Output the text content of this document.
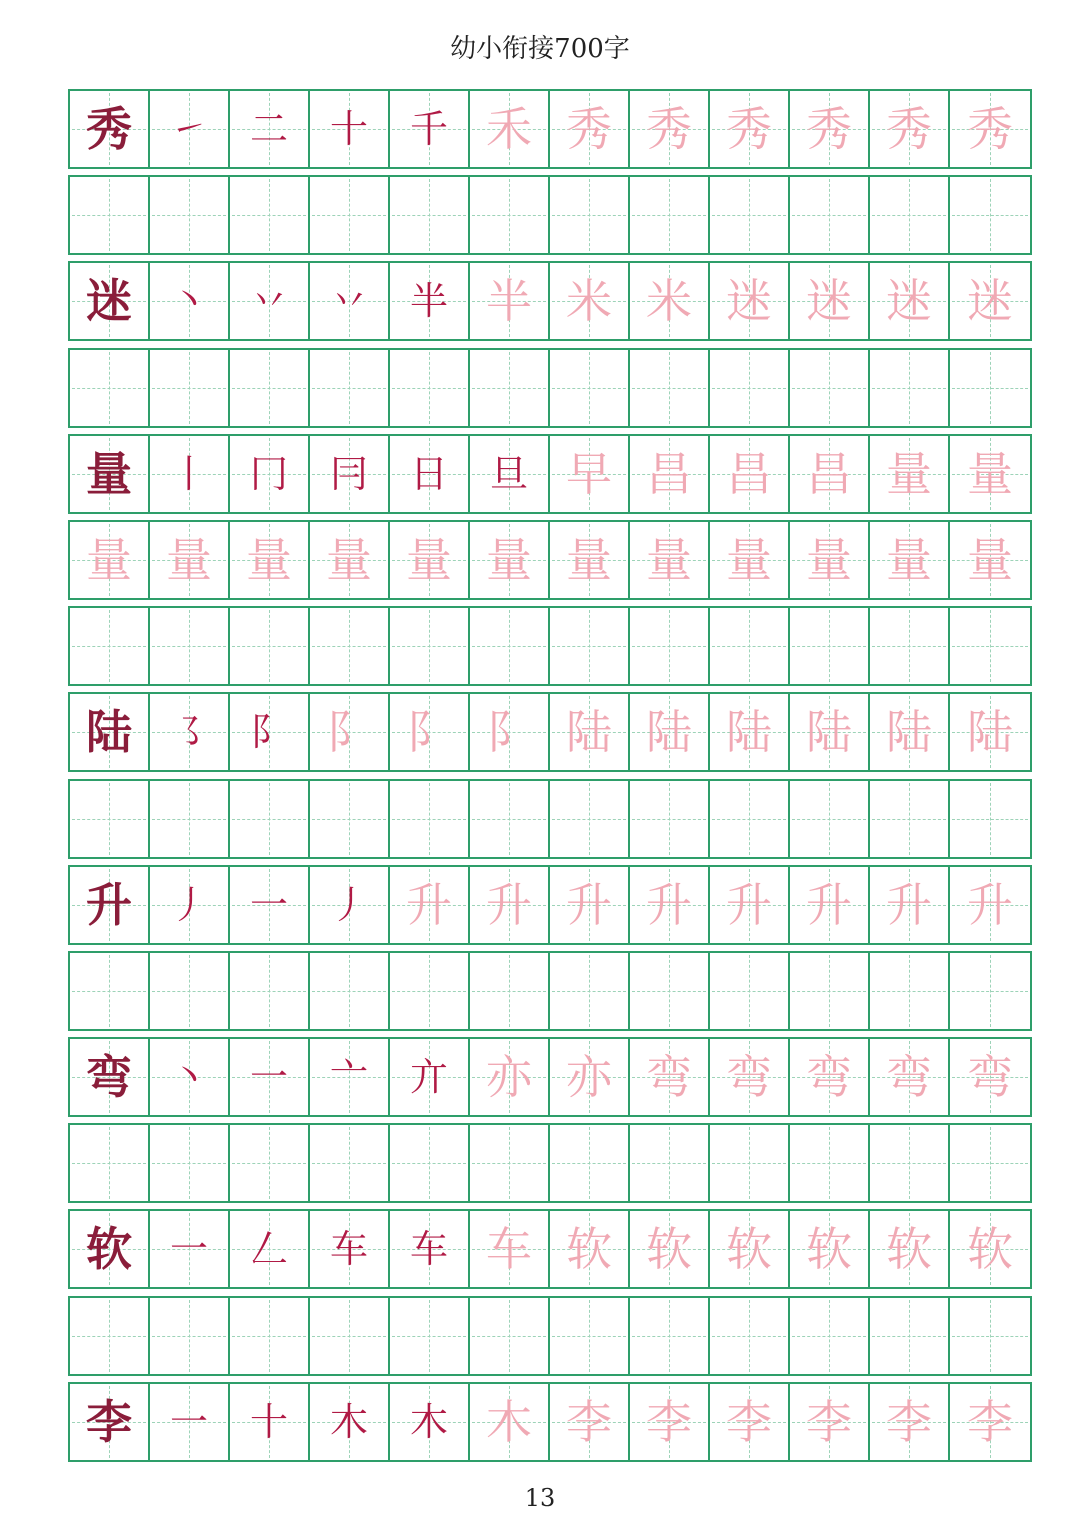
幼小衔接700字
秀 ㇀	二	十	千 禾 秀 秀 秀 秀 秀 秀
迷 丶	丷	丷	半 半 米 米 迷 迷 迷 迷
量 丨	冂	冃	日	旦 早 昌 昌 昌 量 量
量 量 量 量 量 量 量 量 量 量 量 量
陆 ㇌	阝 阝 阝 阝 陆 陆 陆 陆 陆 陆
升 丿	一	丿 升 升 升 升 升 升 升 升
弯 丶	一	亠	亣 亦 亦 弯 弯 弯 弯 弯
软 一	𠃋	车	车 车 软 软 软 软 软 软
李 一	十	木	木 木 李 李 李 李 李 李
13
